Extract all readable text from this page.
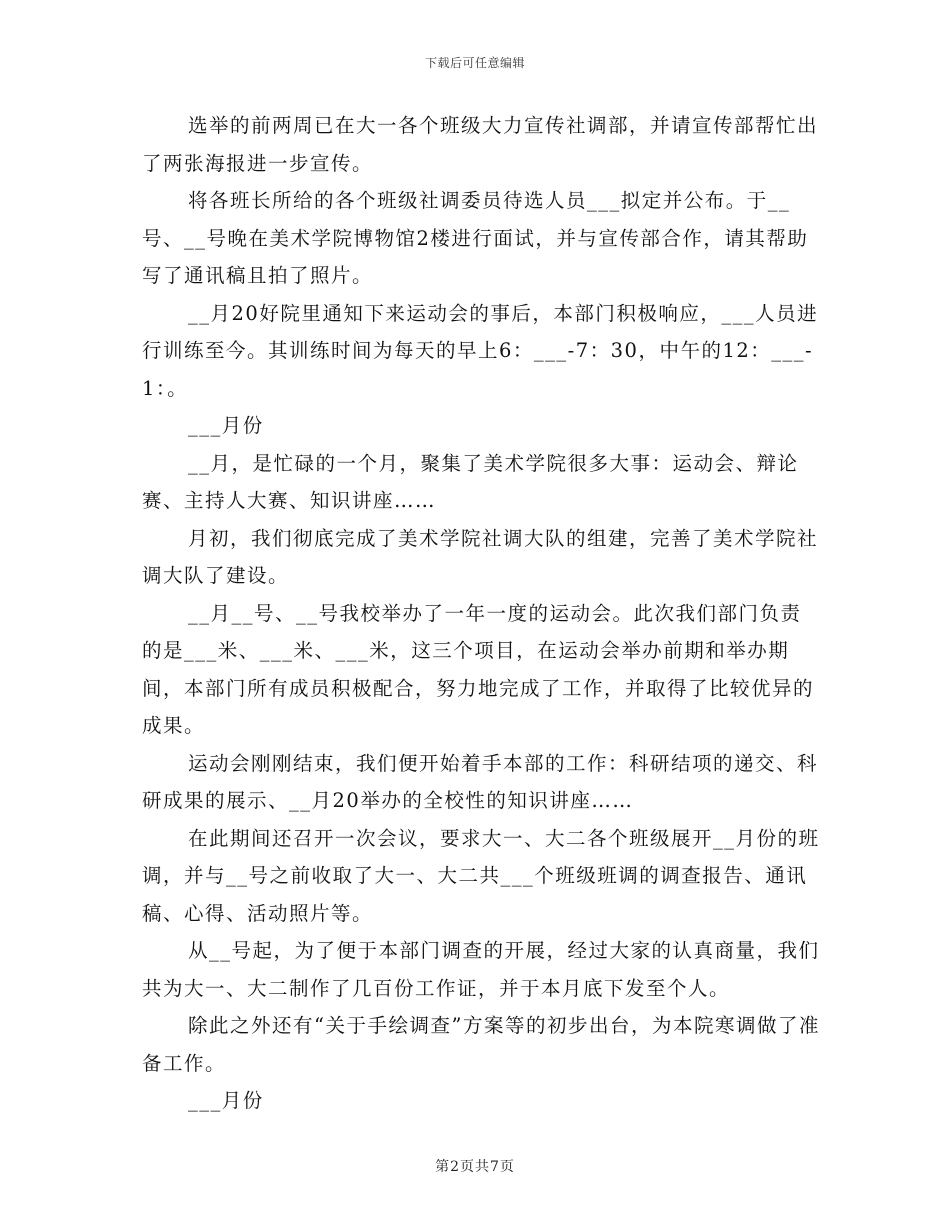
下载后可任意编辑

选举的前两周已在大一各个班级大力宣传社调部，并请宣传部帮忙出了两张海报进一步宣传。

将各班长所给的各个班级社调委员待选人员___拟定并公布。于__号、__号晚在美术学院博物馆2楼进行面试，并与宣传部合作，请其帮助写了通讯稿且拍了照片。

__月20好院里通知下来运动会的事后，本部门积极响应，___人员进行训练至今。其训练时间为每天的早上6：___-7：30，中午的12：___-1：。

___月份

__月，是忙碌的一个月，聚集了美术学院很多大事：运动会、辩论赛、主持人大赛、知识讲座……

月初，我们彻底完成了美术学院社调大队的组建，完善了美术学院社调大队了建设。

__月__号、__号我校举办了一年一度的运动会。此次我们部门负责的是___米、___米、___米，这三个项目，在运动会举办前期和举办期间，本部门所有成员积极配合，努力地完成了工作，并取得了比较优异的成果。

运动会刚刚结束，我们便开始着手本部的工作：科研结项的递交、科研成果的展示、__月20举办的全校性的知识讲座……

在此期间还召开一次会议，要求大一、大二各个班级展开__月份的班调，并与__号之前收取了大一、大二共___个班级班调的调查报告、通讯稿、心得、活动照片等。

从__号起，为了便于本部门调查的开展，经过大家的认真商量，我们共为大一、大二制作了几百份工作证，并于本月底下发至个人。

除此之外还有“关于手绘调查”方案等的初步出台，为本院寒调做了准备工作。

___月份

第2页共7页
